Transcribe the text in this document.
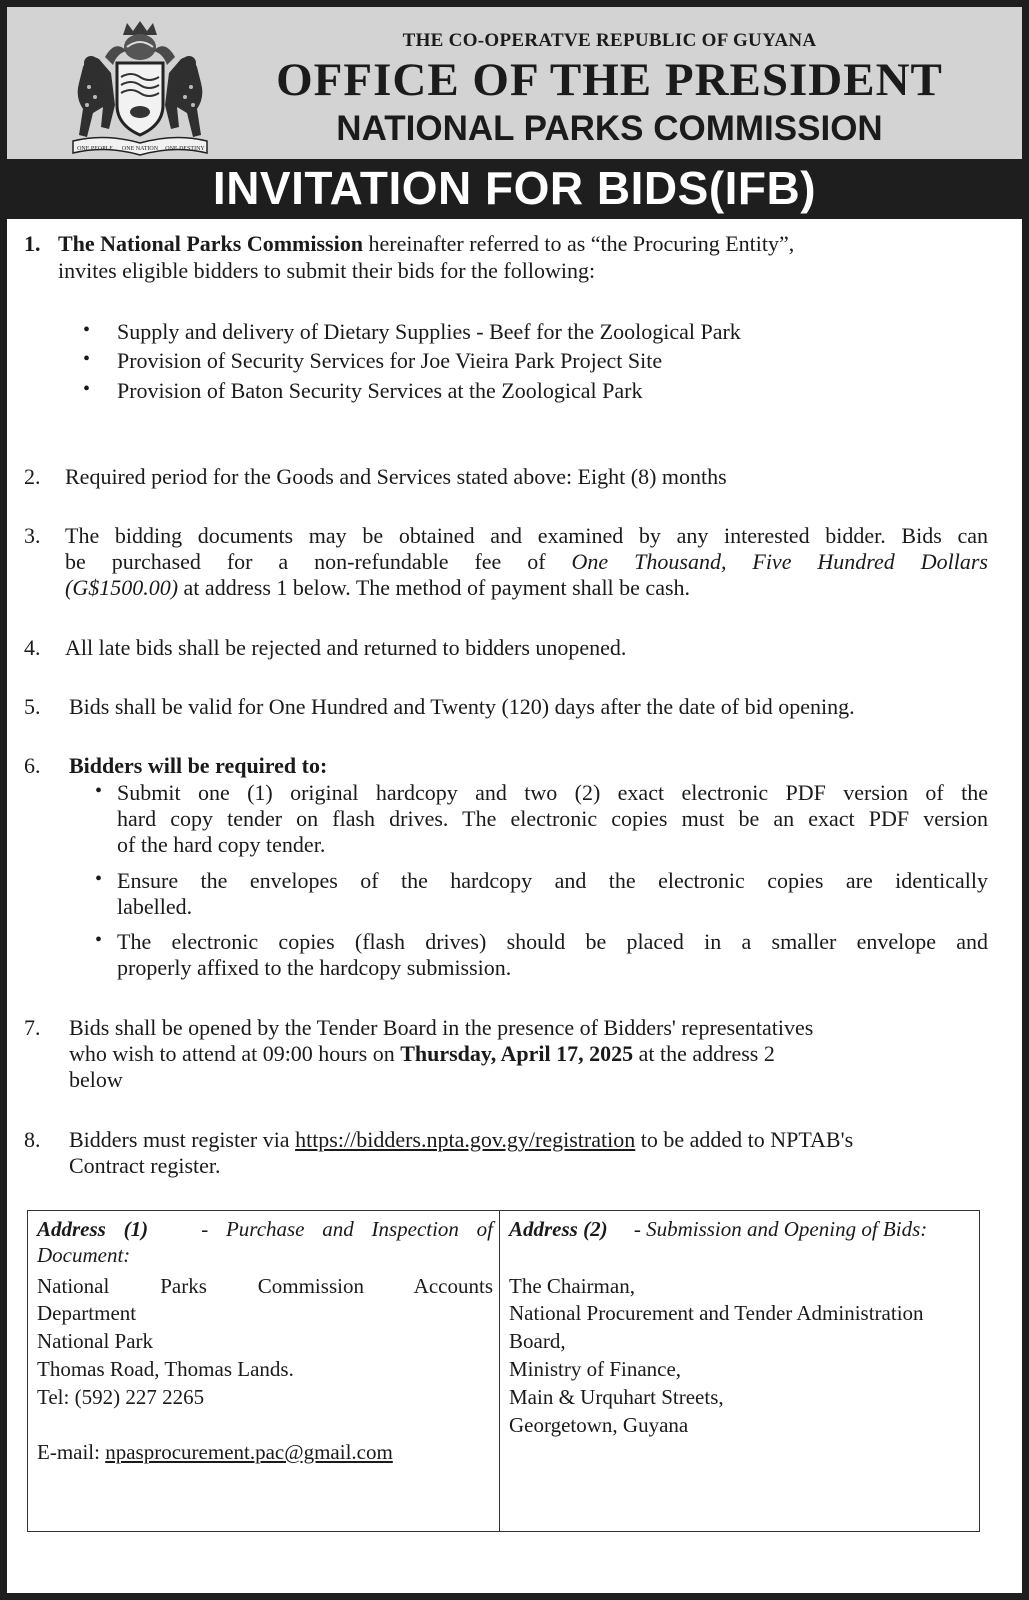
ONE PEOPLE ONE NATION ONE DESTINY
THE CO-OPERATVE REPUBLIC OF GUYANA
OFFICE OF THE PRESIDENT
NATIONAL PARKS COMMISSION
INVITATION FOR BIDS(IFB)
1. The National Parks Commission hereinafter referred to as “the Procuring Entity”,
invites eligible bidders to submit their bids for the following:
• Supply and delivery of Dietary Supplies - Beef for the Zoological Park
• Provision of Security Services for Joe Vieira Park Project Site
• Provision of Baton Security Services at the Zoological Park
2. Required period for the Goods and Services stated above: Eight (8) months
3. The bidding documents may be obtained and examined by any interested bidder. Bids can
be purchased for a non-refundable fee of One Thousand, Five Hundred Dollars
(G$1500.00) at address 1 below. The method of payment shall be cash.
4. All late bids shall be rejected and returned to bidders unopened.
5. Bids shall be valid for One Hundred and Twenty (120) days after the date of bid opening.
6. Bidders will be required to:
• Submit one (1) original hardcopy and two (2) exact electronic PDF version of the
hard copy tender on flash drives. The electronic copies must be an exact PDF version
of the hard copy tender.
• Ensure the envelopes of the hardcopy and the electronic copies are identically
labelled.
• The electronic copies (flash drives) should be placed in a smaller envelope and
properly affixed to the hardcopy submission.
7. Bids shall be opened by the Tender Board in the presence of Bidders' representatives
who wish to attend at 09:00 hours on Thursday, April 17, 2025 at the address 2
below
8. Bidders must register via https://bidders.npta.gov.gy/registration to be added to NPTAB's
Contract register.
Address (1)	- Purchase and Inspection of
Document:
National Parks Commission Accounts
Department
National Park
Thomas Road, Thomas Lands.
Tel: (592) 227 2265
E-mail: npasprocurement.pac@gmail.com
Address (2) - Submission and Opening of Bids:
The Chairman,
National Procurement and Tender Administration
Board,
Ministry of Finance,
Main & Urquhart Streets,
Georgetown, Guyana
